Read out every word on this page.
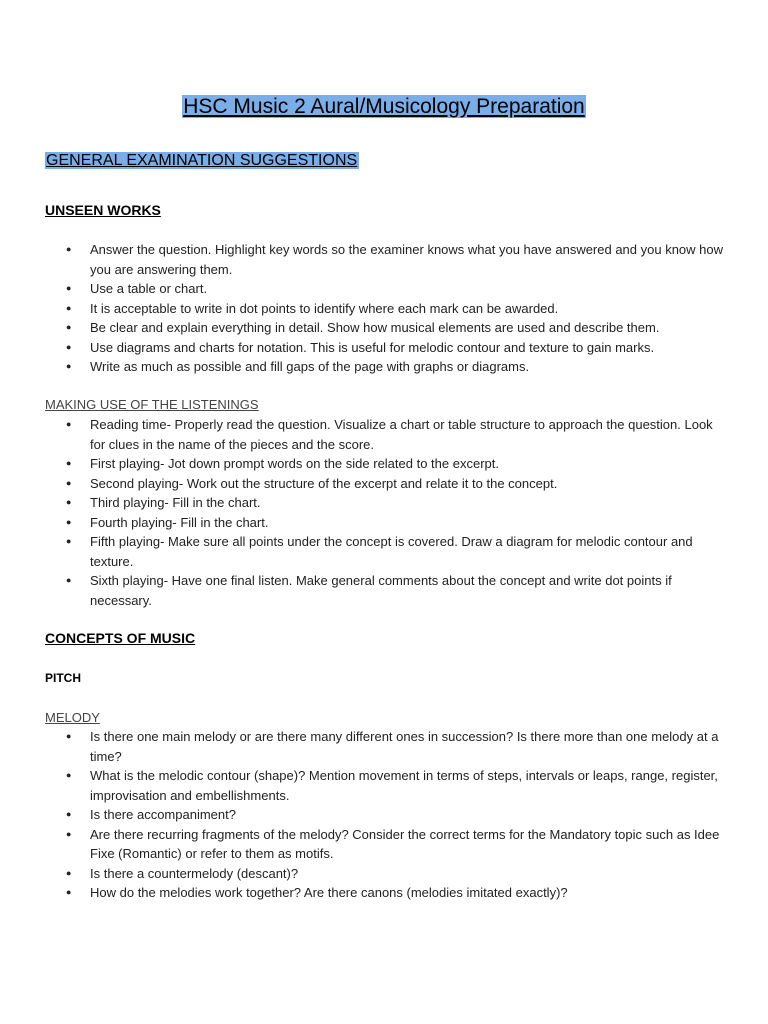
HSC Music 2 Aural/Musicology Preparation
GENERAL EXAMINATION SUGGESTIONS
UNSEEN WORKS
● Answer the question. Highlight key words so the examiner knows what you have answered and you know how you are answering them.
● Use a table or chart.
● It is acceptable to write in dot points to identify where each mark can be awarded.
● Be clear and explain everything in detail. Show how musical elements are used and describe them.
● Use diagrams and charts for notation. This is useful for melodic contour and texture to gain marks.
● Write as much as possible and fill gaps of the page with graphs or diagrams.
MAKING USE OF THE LISTENINGS
● Reading time- Properly read the question. Visualize a chart or table structure to approach the question. Look for clues in the name of the pieces and the score.
● First playing- Jot down prompt words on the side related to the excerpt.
● Second playing- Work out the structure of the excerpt and relate it to the concept.
● Third playing- Fill in the chart.
● Fourth playing- Fill in the chart.
● Fifth playing- Make sure all points under the concept is covered. Draw a diagram for melodic contour and texture.
● Sixth playing- Have one final listen. Make general comments about the concept and write dot points if necessary.
CONCEPTS OF MUSIC
PITCH
MELODY
● Is there one main melody or are there many different ones in succession? Is there more than one melody at a time?
● What is the melodic contour (shape)? Mention movement in terms of steps, intervals or leaps, range, register, improvisation and embellishments.
● Is there accompaniment?
● Are there recurring fragments of the melody? Consider the correct terms for the Mandatory topic such as Idee Fixe (Romantic) or refer to them as motifs.
● Is there a countermelody (descant)?
● How do the melodies work together? Are there canons (melodies imitated exactly)?
